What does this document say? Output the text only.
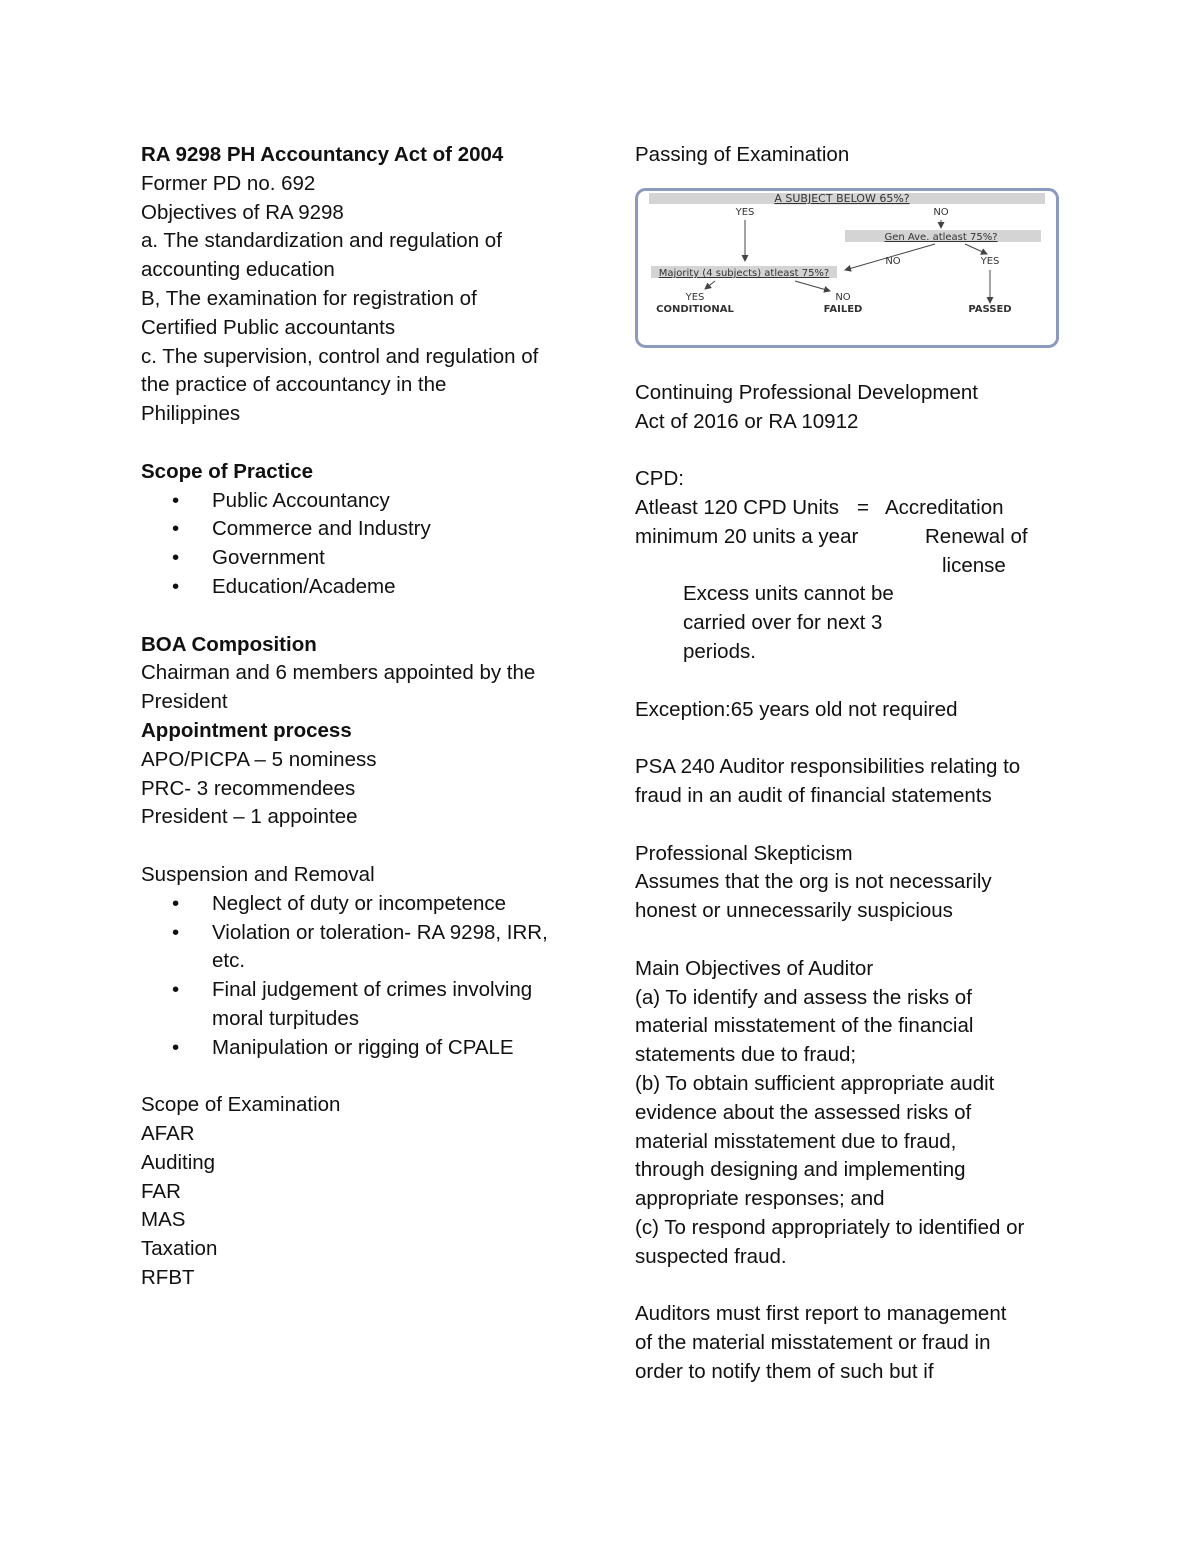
RA 9298 PH Accountancy Act of 2004
Former PD no. 692
Objectives of RA 9298
a. The standardization and regulation of
accounting education
B, The examination for registration of
Certified Public accountants
c. The supervision, control and regulation of
the practice of accountancy in the
Philippines
Scope of Practice
• Public Accountancy
• Commerce and Industry
• Government
• Education/Academe
BOA Composition
Chairman and 6 members appointed by the
President
Appointment process
APO/PICPA – 5 nominess
PRC- 3 recommendees
President – 1 appointee
Suspension and Removal
• Neglect of duty or incompetence
• Violation or toleration- RA 9298, IRR,
etc.
• Final judgement of crimes involving
moral turpitudes
• Manipulation or rigging of CPALE
Scope of Examination
AFAR
Auditing
FAR
MAS
Taxation
RFBT
Passing of Examination
A SUBJECT BELOW 65%?
YES	NO
Gen Ave. atleast 75%?
NO	YES
Majority (4 subjects) atleast 75%?
YES	NO
CONDITIONAL	FAILED	PASSED
Continuing Professional Development
Act of 2016 or RA 10912
CPD:
Atleast 120 CPD Units = Accreditation
minimum 20 units a year	Renewal of
license
Excess units cannot be
carried over for next 3
periods.
Exception:65 years old not required
PSA 240 Auditor responsibilities relating to
fraud in an audit of financial statements
Professional Skepticism
Assumes that the org is not necessarily
honest or unnecessarily suspicious
Main Objectives of Auditor
(a) To identify and assess the risks of
material misstatement of the financial
statements due to fraud;
(b) To obtain sufficient appropriate audit
evidence about the assessed risks of
material misstatement due to fraud,
through designing and implementing
appropriate responses; and
(c) To respond appropriately to identified or
suspected fraud.
Auditors must first report to management
of the material misstatement or fraud in
order to notify them of such but if
